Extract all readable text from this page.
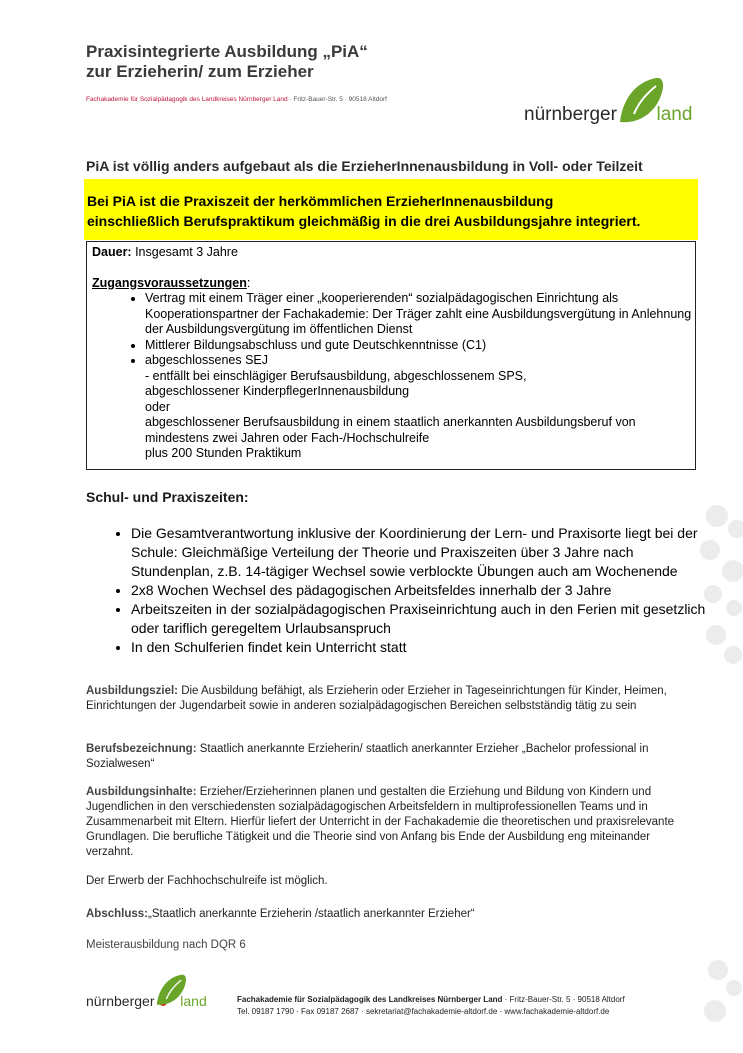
Praxisintegrierte Ausbildung „PiA“
zur Erzieherin/ zum Erzieher
Fachakademie für Sozialpädagogik des Landkreises Nürnberger Land · Fritz-Bauer-Str. 5 · 90518 Altdorf
nürnberger land
PiA ist völlig anders aufgebaut als die ErzieherInnenausbildung in Voll- oder Teilzeit
Bei PiA ist die Praxiszeit der herkömmlichen ErzieherInnenausbildung
einschließlich Berufspraktikum gleichmäßig in die drei Ausbildungsjahre integriert.
Dauer: Insgesamt 3 Jahre
Zugangsvoraussetzungen:
• Vertrag mit einem Träger einer „kooperierenden“ sozialpädagogischen Einrichtung als Kooperationspartner der Fachakademie: Der Träger zahlt eine Ausbildungsvergütung in Anlehnung der Ausbildungsvergütung im öffentlichen Dienst
• Mittlerer Bildungsabschluss und gute Deutschkenntnisse (C1)
• abgeschlossenes SEJ
- entfällt bei einschlägiger Berufsausbildung, abgeschlossenem SPS,
abgeschlossener KinderpflegerInnenausbildung
oder
abgeschlossener Berufsausbildung in einem staatlich anerkannten Ausbildungsberuf von
mindestens zwei Jahren oder Fach-/Hochschulreife
plus 200 Stunden Praktikum
Schul- und Praxiszeiten:
• Die Gesamtverantwortung inklusive der Koordinierung der Lern- und Praxisorte liegt bei der Schule: Gleichmäßige Verteilung der Theorie und Praxiszeiten über 3 Jahre nach Stundenplan, z.B. 14-tägiger Wechsel sowie verblockte Übungen auch am Wochenende
• 2x8 Wochen Wechsel des pädagogischen Arbeitsfeldes innerhalb der 3 Jahre
• Arbeitszeiten in der sozialpädagogischen Praxiseinrichtung auch in den Ferien mit gesetzlich oder tariflich geregeltem Urlaubsanspruch
• In den Schulferien findet kein Unterricht statt
Ausbildungsziel: Die Ausbildung befähigt, als Erzieherin oder Erzieher in Tageseinrichtungen für Kinder, Heimen, Einrichtungen der Jugendarbeit sowie in anderen sozialpädagogischen Bereichen selbstständig tätig zu sein
Berufsbezeichnung: Staatlich anerkannte Erzieherin/ staatlich anerkannter Erzieher „Bachelor professional in Sozialwesen“
Ausbildungsinhalte: Erzieher/Erzieherinnen planen und gestalten die Erziehung und Bildung von Kindern und Jugendlichen in den verschiedensten sozialpädagogischen Arbeitsfeldern in multiprofessionellen Teams und in Zusammenarbeit mit Eltern. Hierfür liefert der Unterricht in der Fachakademie die theoretischen und praxisrelevante Grundlagen. Die berufliche Tätigkeit und die Theorie sind von Anfang bis Ende der Ausbildung eng miteinander verzahnt.
Der Erwerb der Fachhochschulreife ist möglich.
Abschluss:„Staatlich anerkannte Erzieherin /staatlich anerkannter Erzieher“
Meisterausbildung nach DQR 6
nürnberger land	Fachakademie für Sozialpädagogik des Landkreises Nürnberger Land · Fritz-Bauer-Str. 5 · 90518 Altdorf
Tel. 09187 1790 · Fax 09187 2687 · sekretariat@fachakademie-altdorf.de · www.fachakademie-altdorf.de
